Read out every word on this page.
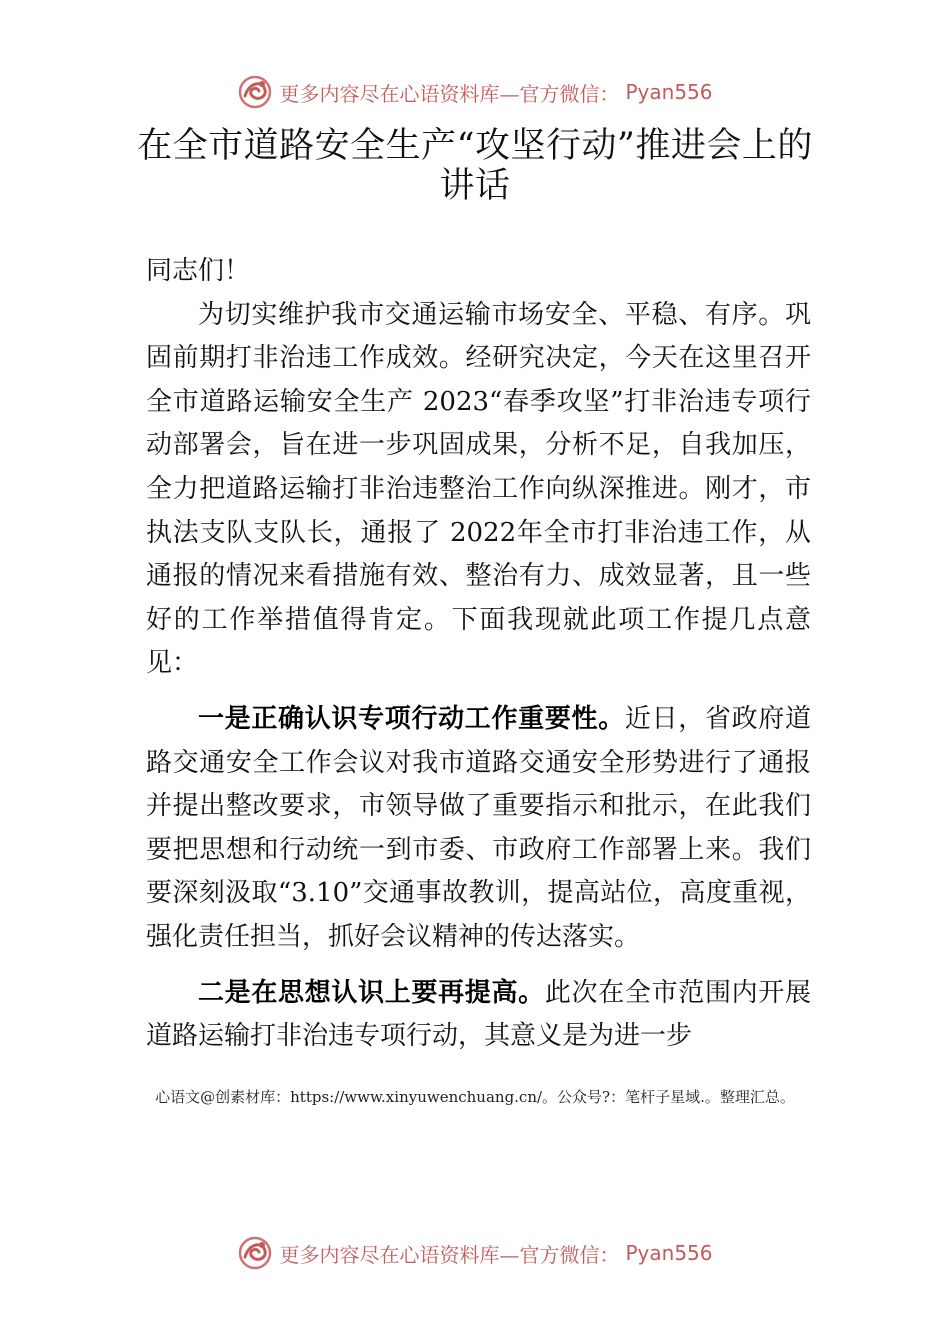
更多内容尽在心语资料库—官方微信： Pyan556
在全市道路安全生产“攻坚行动”推进会上的讲话

同志们！

为切实维护我市交通运输市场安全、平稳、有序。巩固前期打非治违工作成效。经研究决定，今天在这里召开全市道路运输安全生产 2023“春季攻坚”打非治违专项行动部署会，旨在进一步巩固成果，分析不足，自我加压，全力把道路运输打非治违整治工作向纵深推进。刚才，市执法支队支队长，通报了 2022年全市打非治违工作，从通报的情况来看措施有效、整治有力、成效显著，且一些好的工作举措值得肯定。下面我现就此项工作提几点意见：

一是正确认识专项行动工作重要性。近日，省政府道路交通安全工作会议对我市道路交通安全形势进行了通报并提出整改要求，市领导做了重要指示和批示，在此我们要把思想和行动统一到市委、市政府工作部署上来。我们要深刻汲取“3.10”交通事故教训，提高站位，高度重视，强化责任担当，抓好会议精神的传达落实。

二是在思想认识上要再提高。此次在全市范围内开展道路运输打非治违专项行动，其意义是为进一步

心语文@创素材库：https://www.xinyuwenchuang.cn/。公众号?：笔杆子星域.。整理汇总。
更多内容尽在心语资料库—官方微信： Pyan556
